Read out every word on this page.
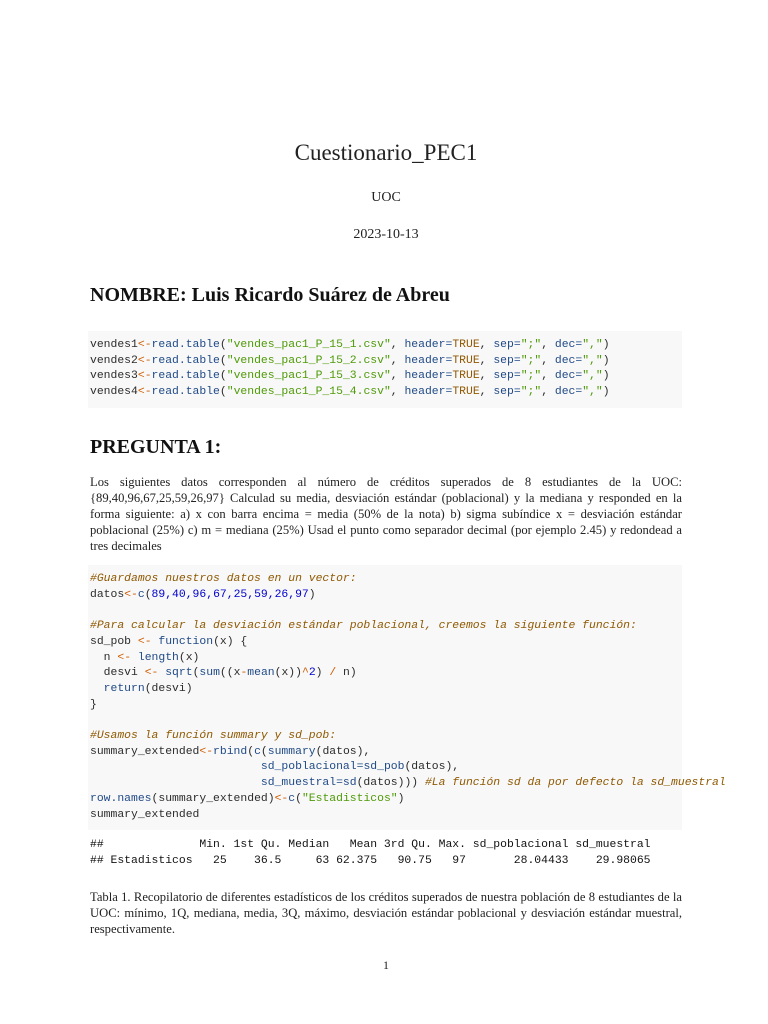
Cuestionario_PEC1
UOC
2023-10-13
NOMBRE: Luis Ricardo Suárez de Abreu
vendes1<-read.table("vendes_pac1_P_15_1.csv", header=TRUE, sep=";", dec=",")
vendes2<-read.table("vendes_pac1_P_15_2.csv", header=TRUE, sep=";", dec=",")
vendes3<-read.table("vendes_pac1_P_15_3.csv", header=TRUE, sep=";", dec=",")
vendes4<-read.table("vendes_pac1_P_15_4.csv", header=TRUE, sep=";", dec=",")
PREGUNTA 1:
Los siguientes datos corresponden al número de créditos superados de 8 estudiantes de la UOC: {89,40,96,67,25,59,26,97} Calculad su media, desviación estándar (poblacional) y la mediana y responded en la forma siguiente: a) x con barra encima = media (50% de la nota) b) sigma subíndice x = desviación estándar poblacional (25%) c) m = mediana (25%) Usad el punto como separador decimal (por ejemplo 2.45) y redondead a tres decimales
#Guardamos nuestros datos en un vector:
datos<-c(89,40,96,67,25,59,26,97)

#Para calcular la desviación estándar poblacional, creemos la siguiente función:
sd_pob <- function(x) {
n <- length(x)
desvi <- sqrt(sum((x-mean(x))^2) / n)
return(desvi)
}

#Usamos la función summary y sd_pob:
summary_extended<-rbind(c(summary(datos),
sd_poblacional=sd_pob(datos),
sd_muestral=sd(datos))) #La función sd da por defecto la sd_muestral
row.names(summary_extended)<-c("Estadisticos")
summary_extended
##              Min. 1st Qu. Median   Mean 3rd Qu. Max. sd_poblacional sd_muestral
## Estadisticos   25    36.5     63 62.375   90.75   97       28.04433    29.98065
Tabla 1. Recopilatorio de diferentes estadísticos de los créditos superados de nuestra población de 8 estudiantes de la UOC: mínimo, 1Q, mediana, media, 3Q, máximo, desviación estándar poblacional y desviación estándar muestral, respectivamente.
1
